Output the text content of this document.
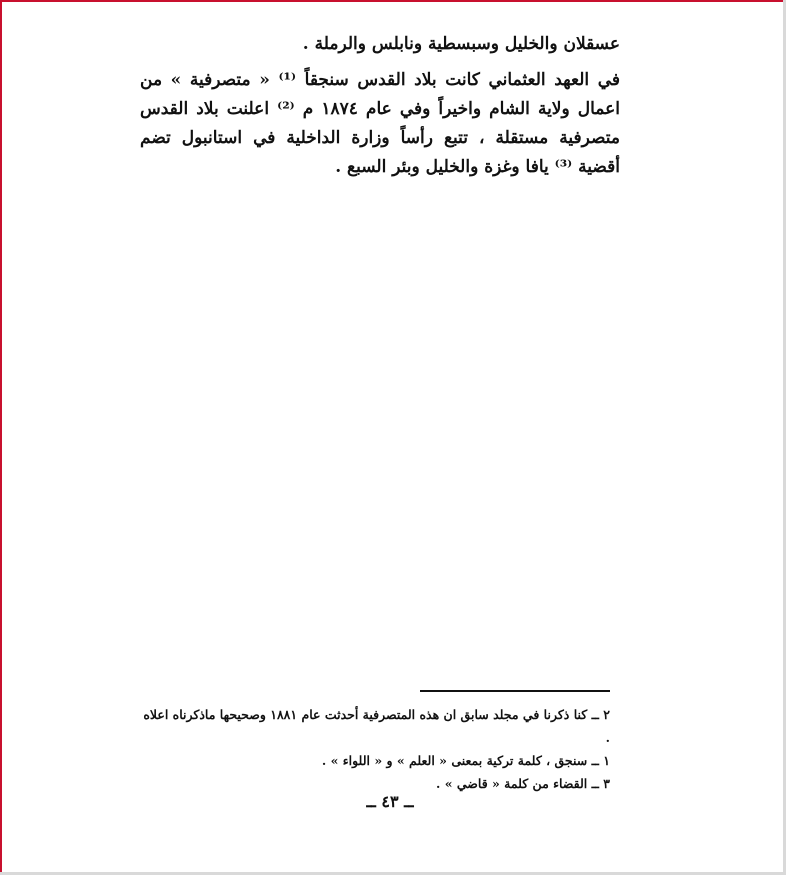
عسقلان والخليل وسبسطية ونابلس والرملة .
في العهد العثماني كانت بلاد القدس سنجقاً ⁽¹⁾ « متصرفية » من اعمال ولاية الشام واخيراً وفي عام ١٨٧٤ م ⁽²⁾ اعلنت بلاد القدس متصرفية مستقلة ، تتبع رأساً وزارة الداخلية في استانبول تضم أقضية ⁽³⁾ يافا وغزة والخليل وبئر السبع .
٢ ــ كنا ذكرنا في مجلد سابق ان هذه المتصرفية أحدثت عام ١٨٨١ وصحيحها ماذكرناه اعلاه .
١ ــ سنجق ، كلمة تركية بمعنى « العلم » و « اللواء » .
٣ ــ القضاء من كلمة « قاضي » .
ــ ٤٣ ــ
